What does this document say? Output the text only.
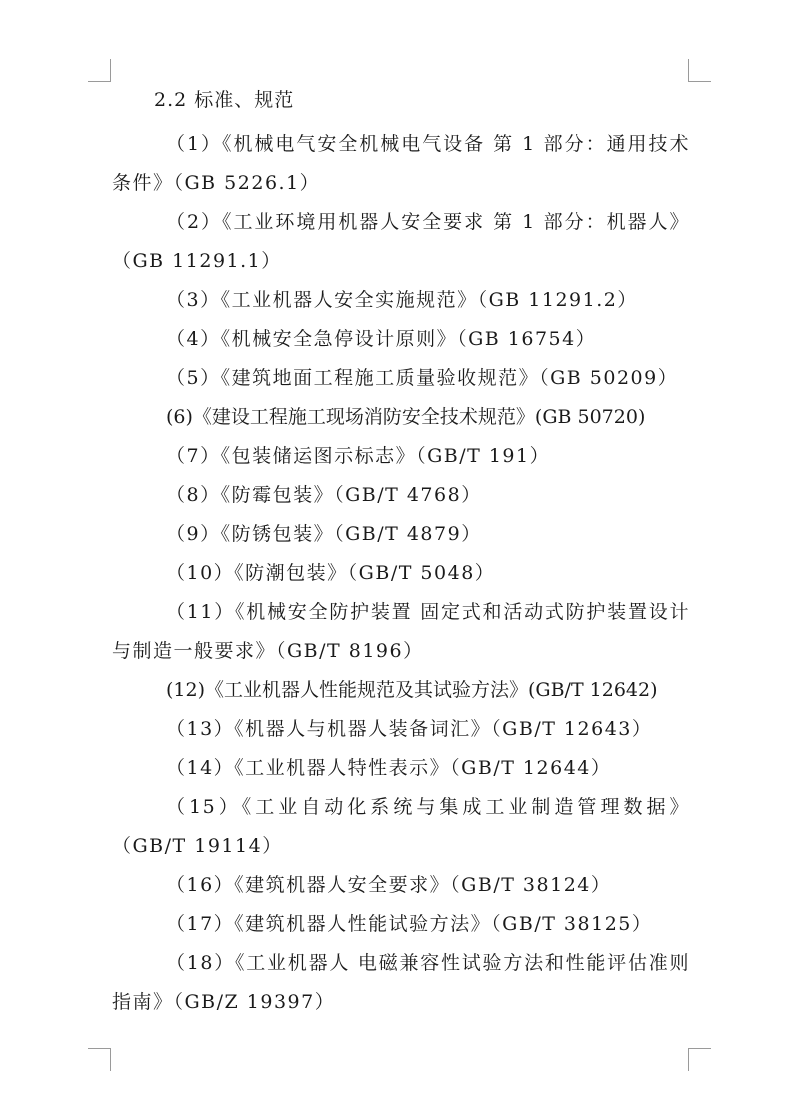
2.2 标准、规范
（1）《机械电气安全机械电气设备 第 1 部分：通用技术条件》（GB 5226.1）
（2）《工业环境用机器人安全要求 第 1 部分：机器人》（GB 11291.1）
（3）《工业机器人安全实施规范》（GB 11291.2）
（4）《机械安全急停设计原则》（GB 16754）
（5）《建筑地面工程施工质量验收规范》（GB 50209）
(6)《建设工程施工现场消防安全技术规范》(GB 50720)
（7）《包装储运图示标志》（GB/T 191）
（8）《防霉包装》（GB/T 4768）
（9）《防锈包装》（GB/T 4879）
（10）《防潮包装》（GB/T 5048）
（11）《机械安全防护装置 固定式和活动式防护装置设计与制造一般要求》（GB/T 8196）
(12)《工业机器人性能规范及其试验方法》(GB/T 12642)
（13）《机器人与机器人装备词汇》（GB/T 12643）
（14）《工业机器人特性表示》（GB/T 12644）
（15）《工业自动化系统与集成工业制造管理数据》（GB/T 19114）
（16）《建筑机器人安全要求》（GB/T 38124）
（17）《建筑机器人性能试验方法》（GB/T 38125）
（18）《工业机器人 电磁兼容性试验方法和性能评估准则指南》（GB/Z 19397）
